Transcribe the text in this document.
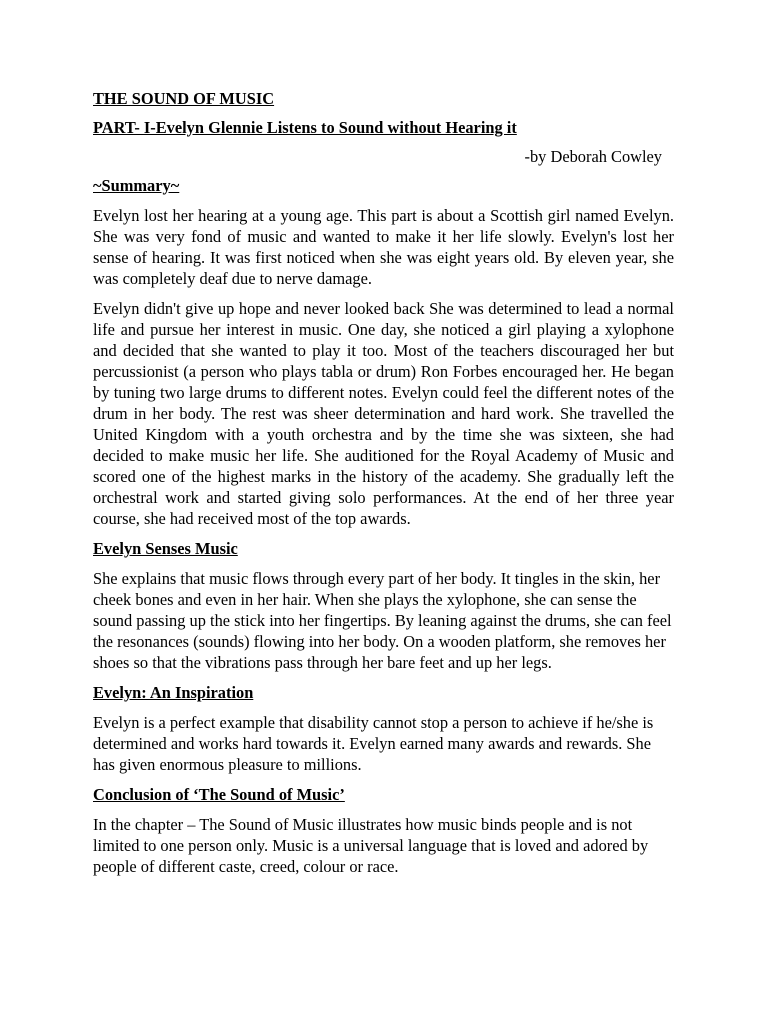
THE SOUND OF MUSIC

PART- I-Evelyn Glennie Listens to Sound without Hearing it

-by Deborah Cowley

~Summary~

Evelyn lost her hearing at a young age. This part is about a Scottish girl named Evelyn. She was very fond of music and wanted to make it her life slowly. Evelyn's lost her sense of hearing. It was first noticed when she was eight years old. By eleven year, she was completely deaf due to nerve damage.

Evelyn didn't give up hope and never looked back She was determined to lead a normal life and pursue her interest in music. One day, she noticed a girl playing a xylophone and decided that she wanted to play it too. Most of the teachers discouraged her but percussionist (a person who plays tabla or drum) Ron Forbes encouraged her. He began by tuning two large drums to different notes. Evelyn could feel the different notes of the drum in her body. The rest was sheer determination and hard work. She travelled the United Kingdom with a youth orchestra and by the time she was sixteen, she had decided to make music her life. She auditioned for the Royal Academy of Music and scored one of the highest marks in the history of the academy. She gradually left the orchestral work and started giving solo performances. At the end of her three year course, she had received most of the top awards.

Evelyn Senses Music

She explains that music flows through every part of her body. It tingles in the skin, her cheek bones and even in her hair. When she plays the xylophone, she can sense the sound passing up the stick into her fingertips. By leaning against the drums, she can feel the resonances (sounds) flowing into her body. On a wooden platform, she removes her shoes so that the vibrations pass through her bare feet and up her legs.

Evelyn: An Inspiration

Evelyn is a perfect example that disability cannot stop a person to achieve if he/she is determined and works hard towards it. Evelyn earned many awards and rewards. She has given enormous pleasure to millions.

Conclusion of ‘The Sound of Music’

In the chapter – The Sound of Music illustrates how music binds people and is not limited to one person only. Music is a universal language that is loved and adored by people of different caste, creed, colour or race.
